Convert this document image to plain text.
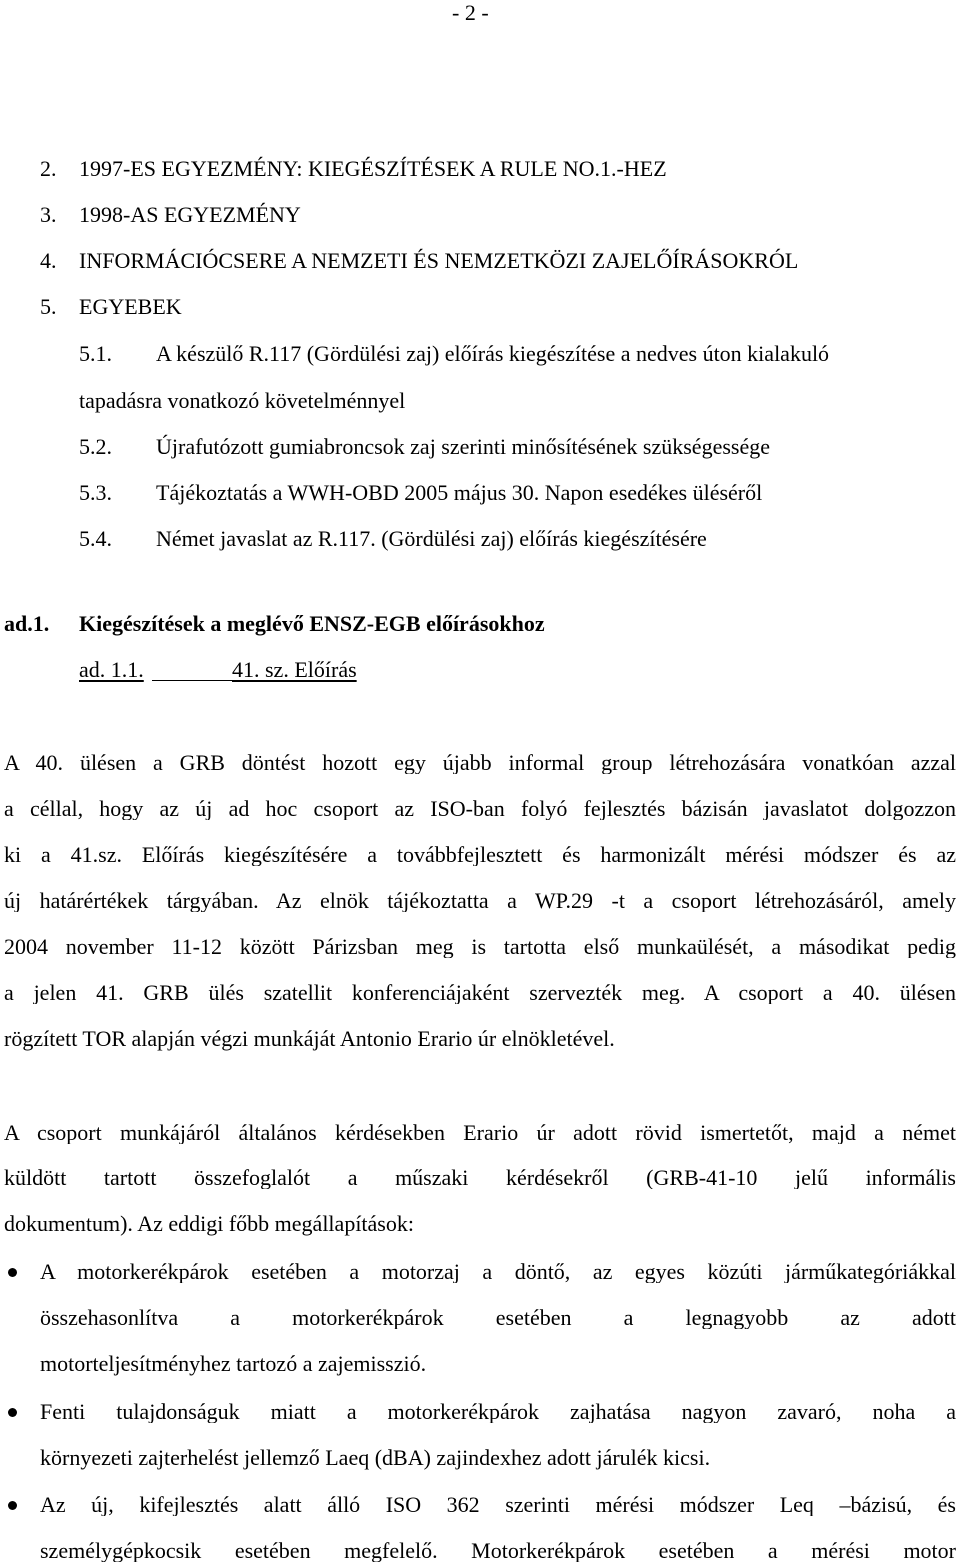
- 2 -
2. 1997-ES EGYEZMÉNY: KIEGÉSZÍTÉSEK A RULE NO.1.-HEZ
3. 1998-AS EGYEZMÉNY
4. INFORMÁCIÓCSERE A NEMZETI ÉS NEMZETKÖZI ZAJELŐÍRÁSOKRÓL
5. EGYEBEK
5.1. A készülő R.117 (Gördülési zaj) előírás kiegészítése a nedves úton kialakuló
tapadásra vonatkozó követelménnyel
5.2. Újrafutózott gumiabroncsok zaj szerinti minősítésének szükségessége
5.3. Tájékoztatás a WWH-OBD 2005 május 30. Napon esedékes üléséről
5.4. Német javaslat az R.117. (Gördülési zaj) előírás kiegészítésére
ad.1. Kiegészítések a meglévő ENSZ-EGB előírásokhoz
ad. 1.1.	41. sz. Előírás
A 40. ülésen a GRB döntést hozott egy újabb informal group létrehozására vonatkóan azzal
a céllal, hogy az új ad hoc csoport az ISO-ban folyó fejlesztés bázisán javaslatot dolgozzon
ki a 41.sz. Előírás kiegészítésére a továbbfejlesztett és harmonizált mérési módszer és az
új határértékek tárgyában. Az elnök tájékoztatta a WP.29 -t a csoport létrehozásáról, amely
2004 november 11-12 között Párizsban meg is tartotta első munkaülését, a másodikat pedig
a jelen 41. GRB ülés szatellit konferenciájaként szervezték meg. A csoport a 40. ülésen
rögzített TOR alapján végzi munkáját Antonio Erario úr elnökletével.
A csoport munkájáról általános kérdésekben Erario úr adott rövid ismertetőt, majd a német
küldött tartott összefoglalót a műszaki kérdésekről (GRB-41-10 jelű informális
dokumentum). Az eddigi főbb megállapítások:
A motorkerékpárok esetében a motorzaj a döntő, az egyes közúti járműkategóriákkal
összehasonlítva a motorkerékpárok esetében a legnagyobb az adott
motorteljesítményhez tartozó a zajemisszió.
Fenti tulajdonságuk miatt a motorkerékpárok zajhatása nagyon zavaró, noha a
környezeti zajterhelést jellemző Laeq (dBA) zajindexhez adott járulék kicsi.
Az új, kifejlesztés alatt álló ISO 362 szerinti mérési módszer Leq –bázisú, és
személygépkocsik esetében megfelelő. Motorkerékpárok esetében a mérési motor
